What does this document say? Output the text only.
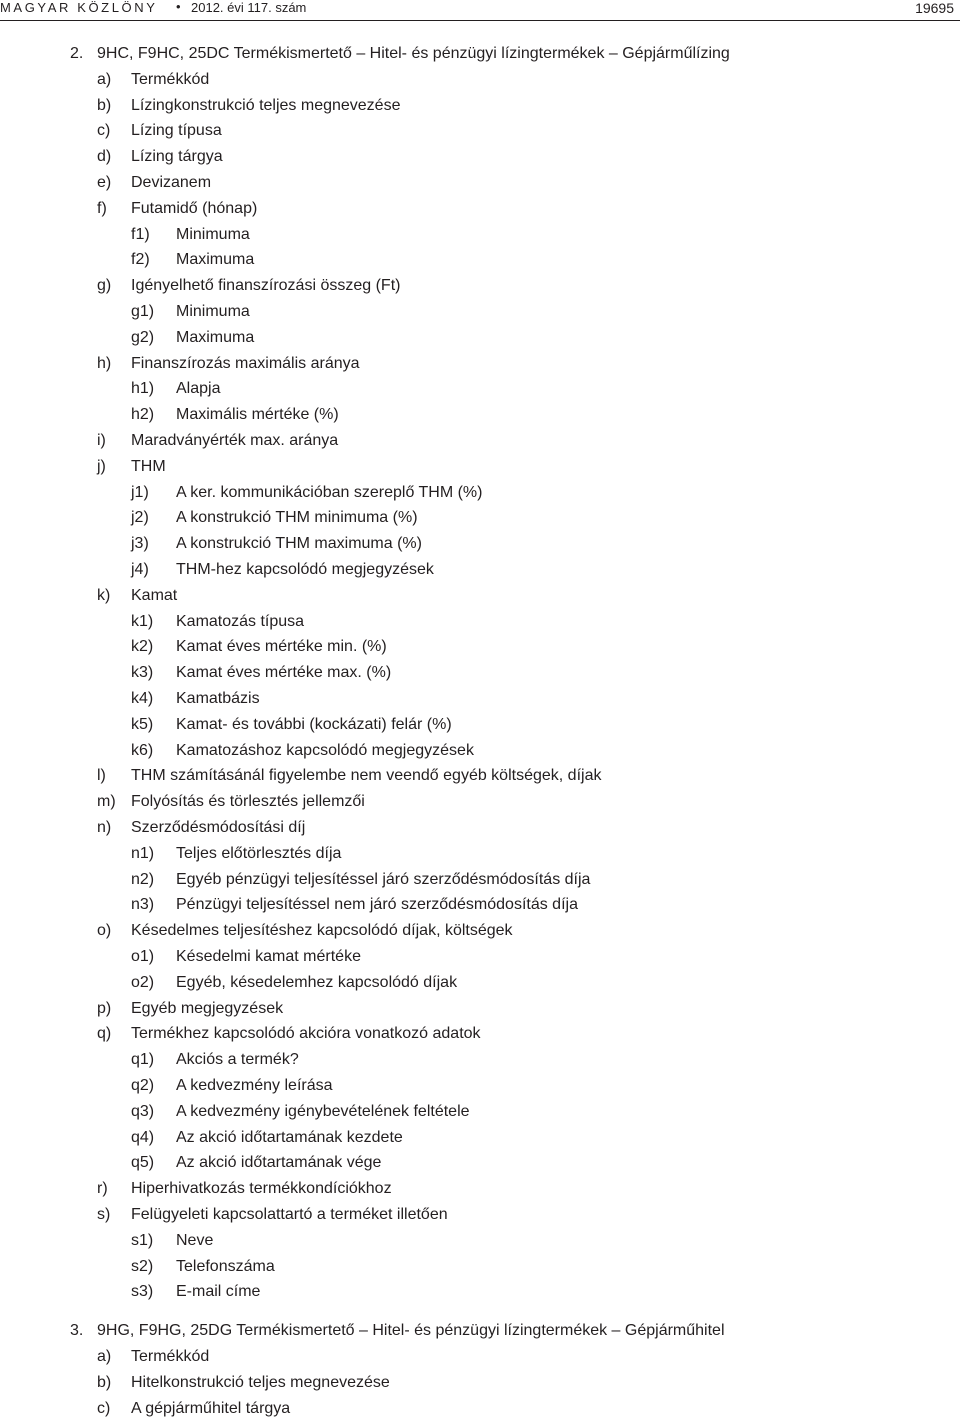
MAGYAR KÖZLÖNY • 2012. évi 117. szám	19695
2. 9HC, F9HC, 25DC Termékismertető – Hitel- és pénzügyi lízingtermékek – Gépjárműlízing
a) Termékkód
b) Lízingkonstrukció teljes megnevezése
c) Lízing típusa
d) Lízing tárgya
e) Devizanem
f) Futamidő (hónap)
f1) Minimuma
f2) Maximuma
g) Igényelhető finanszírozási összeg (Ft)
g1) Minimuma
g2) Maximuma
h) Finanszírozás maximális aránya
h1) Alapja
h2) Maximális mértéke (%)
i) Maradványérték max. aránya
j) THM
j1) A ker. kommunikációban szereplő THM (%)
j2) A konstrukció THM minimuma (%)
j3) A konstrukció THM maximuma (%)
j4) THM-hez kapcsolódó megjegyzések
k) Kamat
k1) Kamatozás típusa
k2) Kamat éves mértéke min. (%)
k3) Kamat éves mértéke max. (%)
k4) Kamatbázis
k5) Kamat- és további (kockázati) felár (%)
k6) Kamatozáshoz kapcsolódó megjegyzések
l) THM számításánál figyelembe nem veendő egyéb költségek, díjak
m) Folyósítás és törlesztés jellemzői
n) Szerződésmódosítási díj
n1) Teljes előtörlesztés díja
n2) Egyéb pénzügyi teljesítéssel járó szerződésmódosítás díja
n3) Pénzügyi teljesítéssel nem járó szerződésmódosítás díja
o) Késedelmes teljesítéshez kapcsolódó díjak, költségek
o1) Késedelmi kamat mértéke
o2) Egyéb, késedelemhez kapcsolódó díjak
p) Egyéb megjegyzések
q) Termékhez kapcsolódó akcióra vonatkozó adatok
q1) Akciós a termék?
q2) A kedvezmény leírása
q3) A kedvezmény igénybevételének feltétele
q4) Az akció időtartamának kezdete
q5) Az akció időtartamának vége
r) Hiperhivatkozás termékkondíciókhoz
s) Felügyeleti kapcsolattartó a terméket illetően
s1) Neve
s2) Telefonszáma
s3) E-mail címe
3. 9HG, F9HG, 25DG Termékismertető – Hitel- és pénzügyi lízingtermékek – Gépjárműhitel
a) Termékkód
b) Hitelkonstrukció teljes megnevezése
c) A gépjárműhitel tárgya
